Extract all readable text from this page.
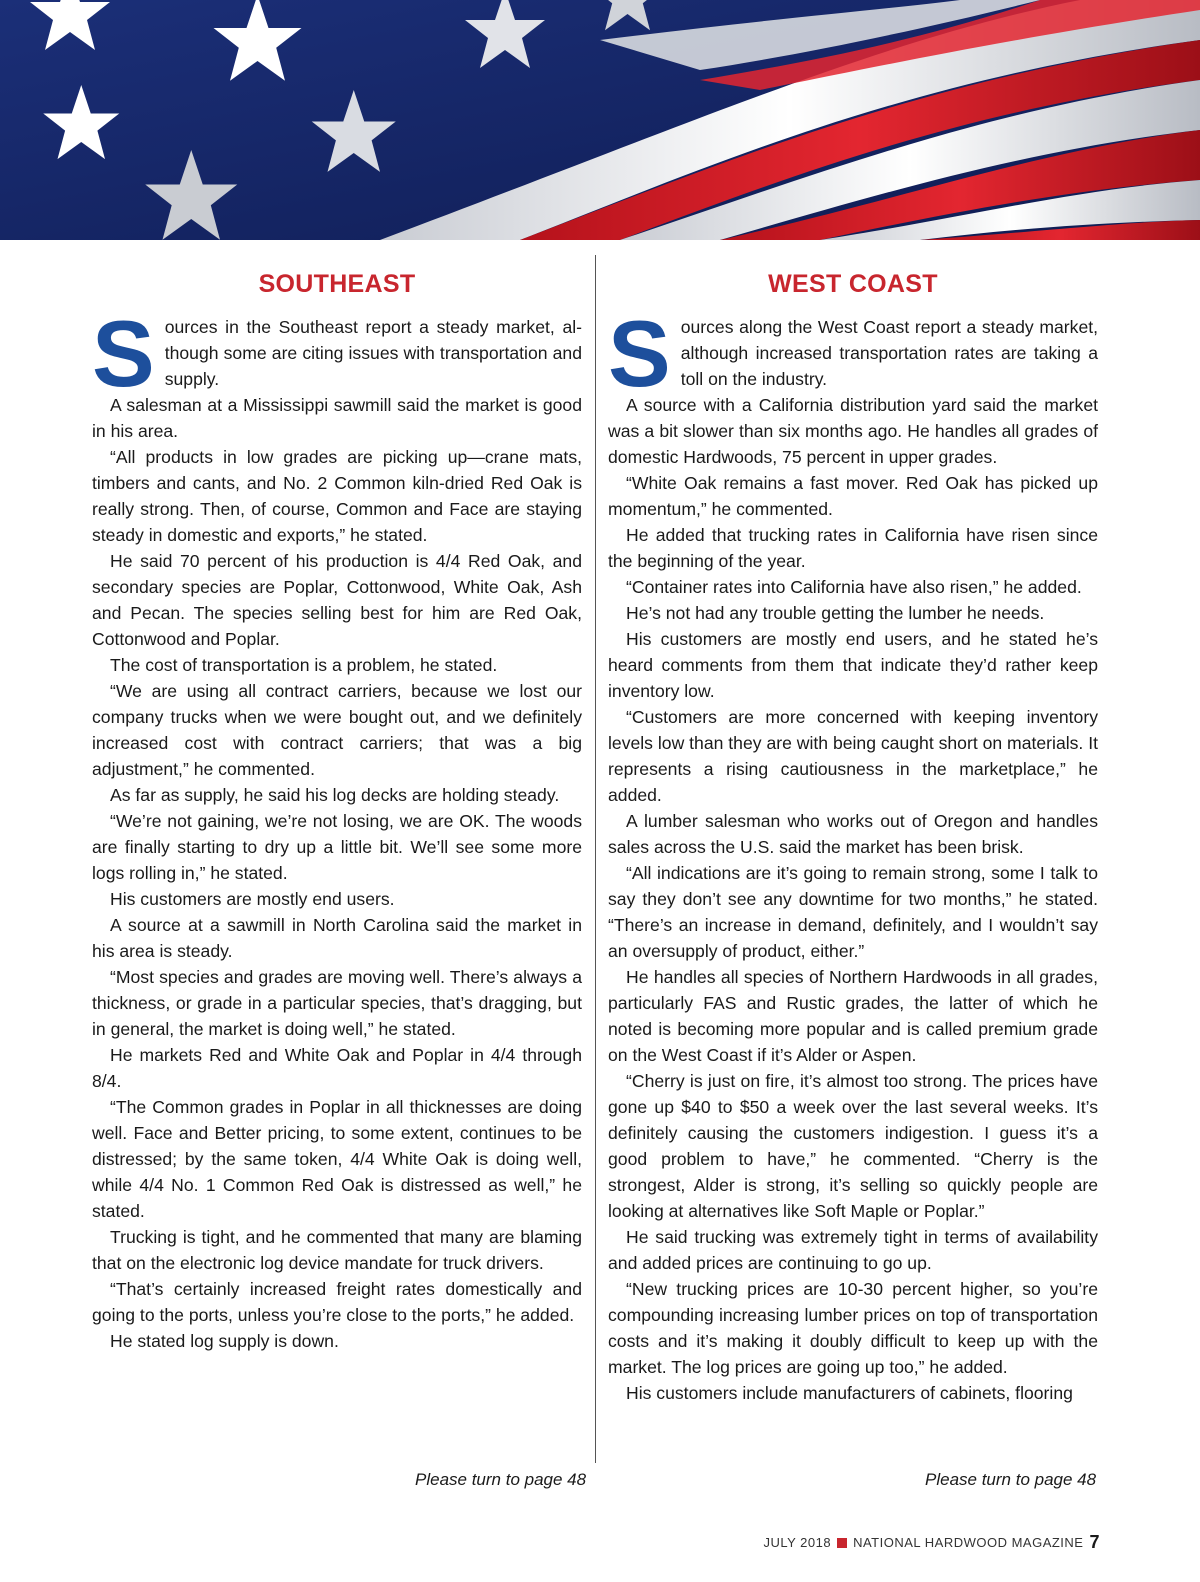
SOUTHEAST

Sources in the Southeast report a steady market, although some are citing issues with transportation and supply.

A salesman at a Mississippi sawmill said the market is good in his area.

“All products in low grades are picking up—crane mats, timbers and cants, and No. 2 Common kiln-dried Red Oak is really strong. Then, of course, Common and Face are staying steady in domestic and exports,” he stated.

He said 70 percent of his production is 4/4 Red Oak, and secondary species are Poplar, Cottonwood, White Oak, Ash and Pecan. The species selling best for him are Red Oak, Cottonwood and Poplar.

The cost of transportation is a problem, he stated.

“We are using all contract carriers, because we lost our company trucks when we were bought out, and we definitely increased cost with contract carriers; that was a big adjustment,” he commented.

As far as supply, he said his log decks are holding steady.

“We’re not gaining, we’re not losing, we are OK. The woods are finally starting to dry up a little bit. We’ll see some more logs rolling in,” he stated.

His customers are mostly end users.

A source at a sawmill in North Carolina said the market in his area is steady.

“Most species and grades are moving well. There’s always a thickness, or grade in a particular species, that’s dragging, but in general, the market is doing well,” he stated.

He markets Red and White Oak and Poplar in 4/4 through 8/4.

“The Common grades in Poplar in all thicknesses are doing well. Face and Better pricing, to some extent, continues to be distressed; by the same token, 4/4 White Oak is doing well, while 4/4 No. 1 Common Red Oak is distressed as well,” he stated.

Trucking is tight, and he commented that many are blaming that on the electronic log device mandate for truck drivers.

“That’s certainly increased freight rates domestically and going to the ports, unless you’re close to the ports,” he added.

He stated log supply is down.

WEST COAST

Sources along the West Coast report a steady market, although increased transportation rates are taking a toll on the industry.

A source with a California distribution yard said the market was a bit slower than six months ago. He handles all grades of domestic Hardwoods, 75 percent in upper grades.

“White Oak remains a fast mover. Red Oak has picked up momentum,” he commented.

He added that trucking rates in California have risen since the beginning of the year.

“Container rates into California have also risen,” he added.

He’s not had any trouble getting the lumber he needs.

His customers are mostly end users, and he stated he’s heard comments from them that indicate they’d rather keep inventory low.

“Customers are more concerned with keeping inventory levels low than they are with being caught short on materials. It represents a rising cautiousness in the marketplace,” he added.

A lumber salesman who works out of Oregon and handles sales across the U.S. said the market has been brisk.

“All indications are it’s going to remain strong, some I talk to say they don’t see any downtime for two months,” he stated. “There’s an increase in demand, definitely, and I wouldn’t say an oversupply of product, either.”

He handles all species of Northern Hardwoods in all grades, particularly FAS and Rustic grades, the latter of which he noted is becoming more popular and is called premium grade on the West Coast if it’s Alder or Aspen.

“Cherry is just on fire, it’s almost too strong. The prices have gone up $40 to $50 a week over the last several weeks. It’s definitely causing the customers indigestion. I guess it’s a good problem to have,” he commented. “Cherry is the strongest, Alder is strong, it’s selling so quickly people are looking at alternatives like Soft Maple or Poplar.”

He said trucking was extremely tight in terms of availability and added prices are continuing to go up.

“New trucking prices are 10-30 percent higher, so you’re compounding increasing lumber prices on top of transportation costs and it’s making it doubly difficult to keep up with the market. The log prices are going up too,” he added.

His customers include manufacturers of cabinets, flooring

Please turn to page 48	Please turn to page 48
JULY 2018 NATIONAL HARDWOOD MAGAZINE 7
